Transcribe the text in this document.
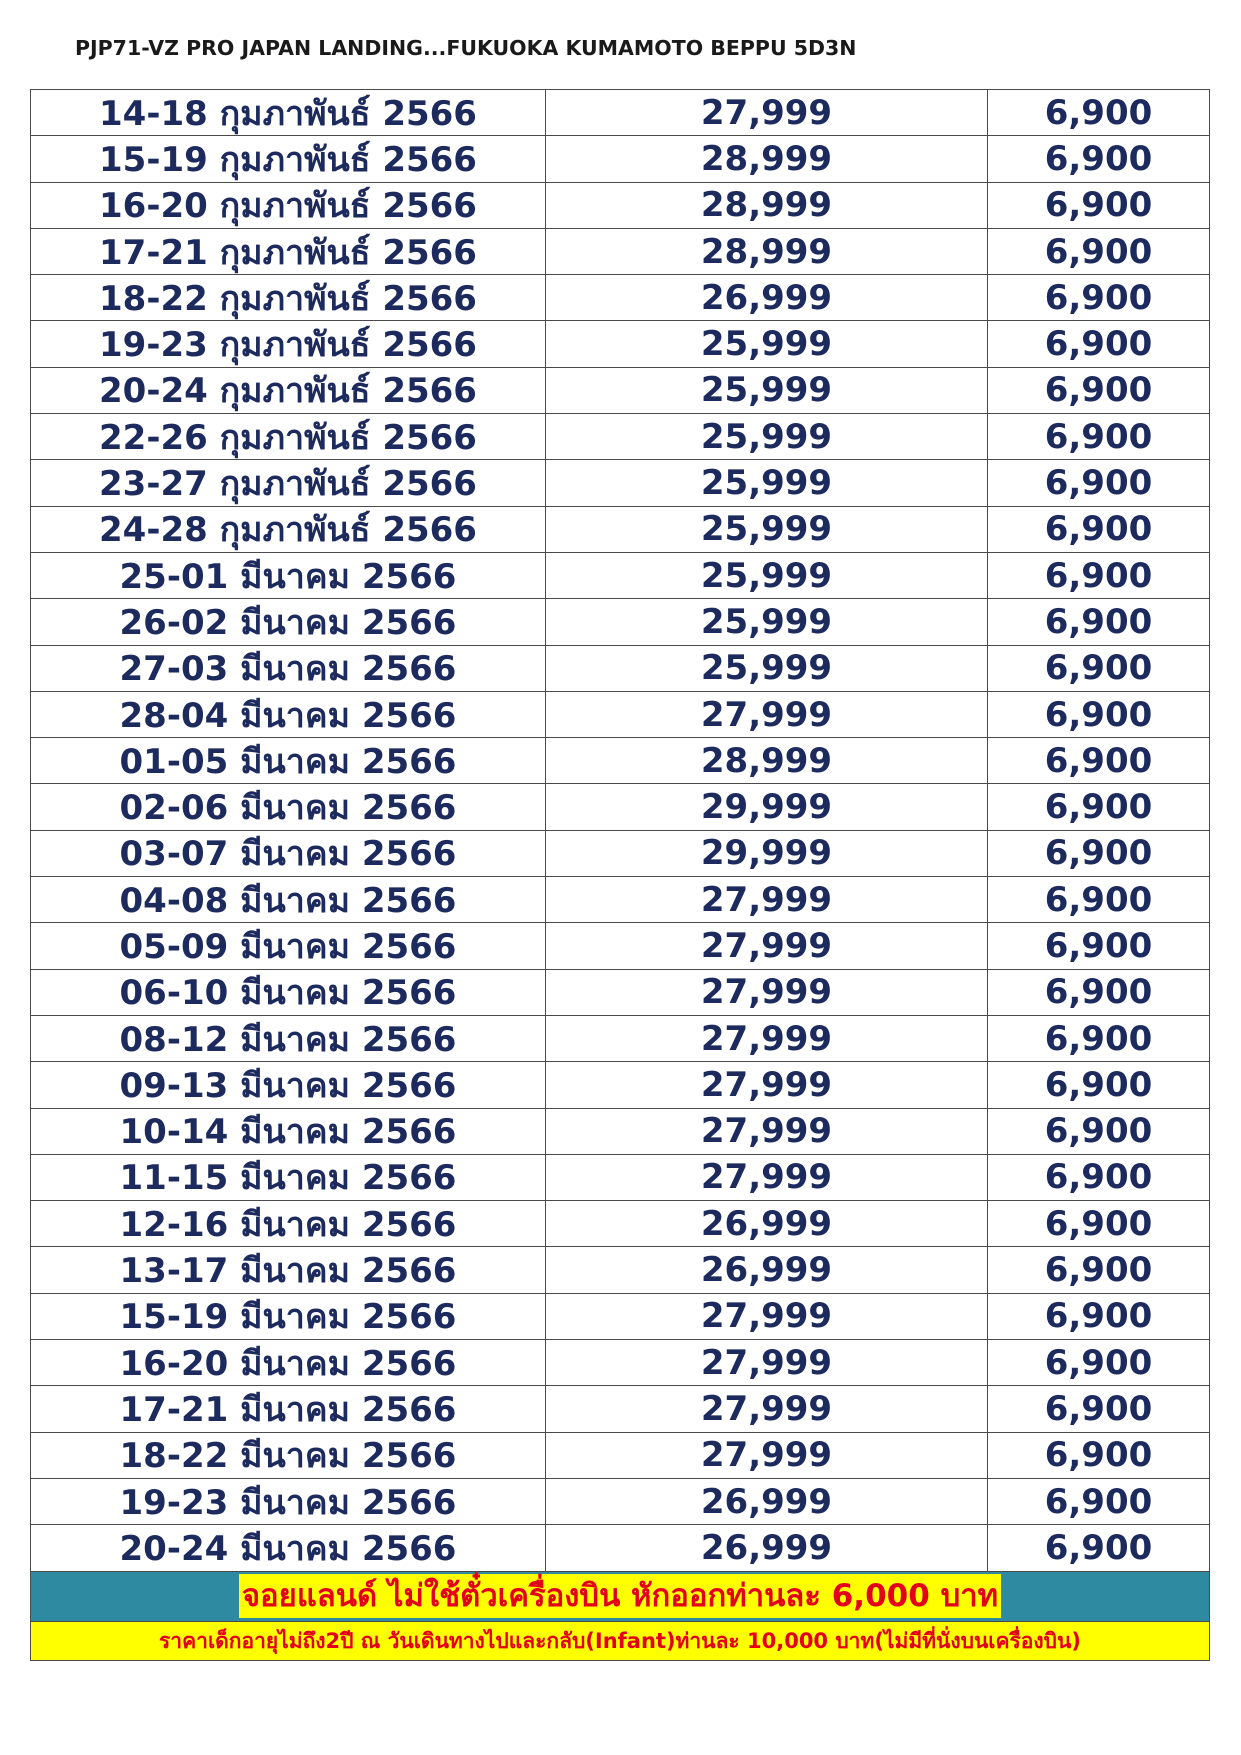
PJP71-VZ PRO JAPAN LANDING...FUKUOKA KUMAMOTO BEPPU 5D3N
14-18 กุมภาพันธ์ 2566	27,999	6,900
15-19 กุมภาพันธ์ 2566	28,999	6,900
16-20 กุมภาพันธ์ 2566	28,999	6,900
17-21 กุมภาพันธ์ 2566	28,999	6,900
18-22 กุมภาพันธ์ 2566	26,999	6,900
19-23 กุมภาพันธ์ 2566	25,999	6,900
20-24 กุมภาพันธ์ 2566	25,999	6,900
22-26 กุมภาพันธ์ 2566	25,999	6,900
23-27 กุมภาพันธ์ 2566	25,999	6,900
24-28 กุมภาพันธ์ 2566	25,999	6,900
25-01 มีนาคม 2566	25,999	6,900
26-02 มีนาคม 2566	25,999	6,900
27-03 มีนาคม 2566	25,999	6,900
28-04 มีนาคม 2566	27,999	6,900
01-05 มีนาคม 2566	28,999	6,900
02-06 มีนาคม 2566	29,999	6,900
03-07 มีนาคม 2566	29,999	6,900
04-08 มีนาคม 2566	27,999	6,900
05-09 มีนาคม 2566	27,999	6,900
06-10 มีนาคม 2566	27,999	6,900
08-12 มีนาคม 2566	27,999	6,900
09-13 มีนาคม 2566	27,999	6,900
10-14 มีนาคม 2566	27,999	6,900
11-15 มีนาคม 2566	27,999	6,900
12-16 มีนาคม 2566	26,999	6,900
13-17 มีนาคม 2566	26,999	6,900
15-19 มีนาคม 2566	27,999	6,900
16-20 มีนาคม 2566	27,999	6,900
17-21 มีนาคม 2566	27,999	6,900
18-22 มีนาคม 2566	27,999	6,900
19-23 มีนาคม 2566	26,999	6,900
20-24 มีนาคม 2566	26,999	6,900
จอยแลนด์ ไม่ใช้ตั๋วเครื่องบิน หักออกท่านละ 6,000 บาท
ราคาเด็กอายุไม่ถึง2ปี ณ วันเดินทางไปและกลับ(Infant)ท่านละ 10,000 บาท(ไม่มีที่นั่งบนเครื่องบิน)
